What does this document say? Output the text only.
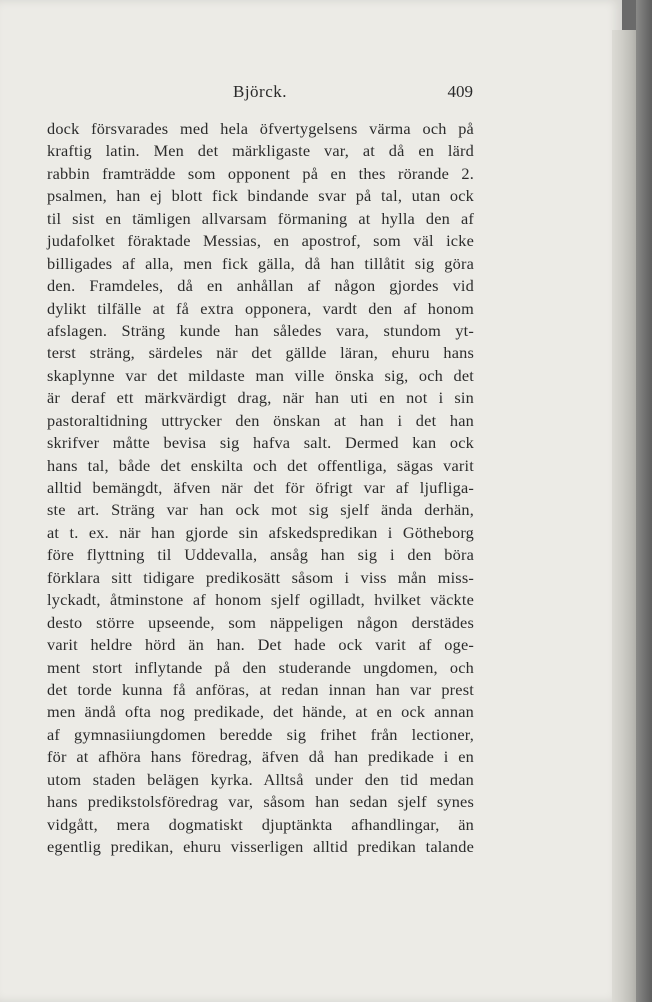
Björck.	409
dock försvarades med hela öfvertygelsens värma och på
kraftig latin. Men det märkligaste var, at då en lärd
rabbin framträdde som opponent på en thes rörande 2.
psalmen, han ej blott fick bindande svar på tal, utan ock
til sist en tämligen allvarsam förmaning at hylla den af
judafolket föraktade Messias, en apostrof, som väl icke
billigades af alla, men fick gälla, då han tillåtit sig göra
den. Framdeles, då en anhållan af någon gjordes vid
dylikt tilfälle at få extra opponera, vardt den af honom
afslagen. Sträng kunde han således vara, stundom yt-
terst sträng, särdeles när det gällde läran, ehuru hans
skaplynne var det mildaste man ville önska sig, och det
är deraf ett märkvärdigt drag, när han uti en not i sin
pastoraltidning uttrycker den önskan at han i det han
skrifver måtte bevisa sig hafva salt. Dermed kan ock
hans tal, både det enskilta och det offentliga, sägas varit
alltid bemängdt, äfven när det för öfrigt var af ljufliga-
ste art. Sträng var han ock mot sig sjelf ända derhän,
at t. ex. när han gjorde sin afskedspredikan i Götheborg
före flyttning til Uddevalla, ansåg han sig i den böra
förklara sitt tidigare predikosätt såsom i viss mån miss-
lyckadt, åtminstone af honom sjelf ogilladt, hvilket väckte
desto större upseende, som näppeligen någon derstädes
varit heldre hörd än han. Det hade ock varit af oge-
ment stort inflytande på den studerande ungdomen, och
det torde kunna få anföras, at redan innan han var prest
men ändå ofta nog predikade, det hände, at en ock annan
af gymnasiiungdomen beredde sig frihet från lectioner,
för at afhöra hans föredrag, äfven då han predikade i en
utom staden belägen kyrka. Alltså under den tid medan
hans predikstolsföredrag var, såsom han sedan sjelf synes
vidgått, mera dogmatiskt djuptänkta afhandlingar, än
egentlig predikan, ehuru visserligen alltid predikan talande
